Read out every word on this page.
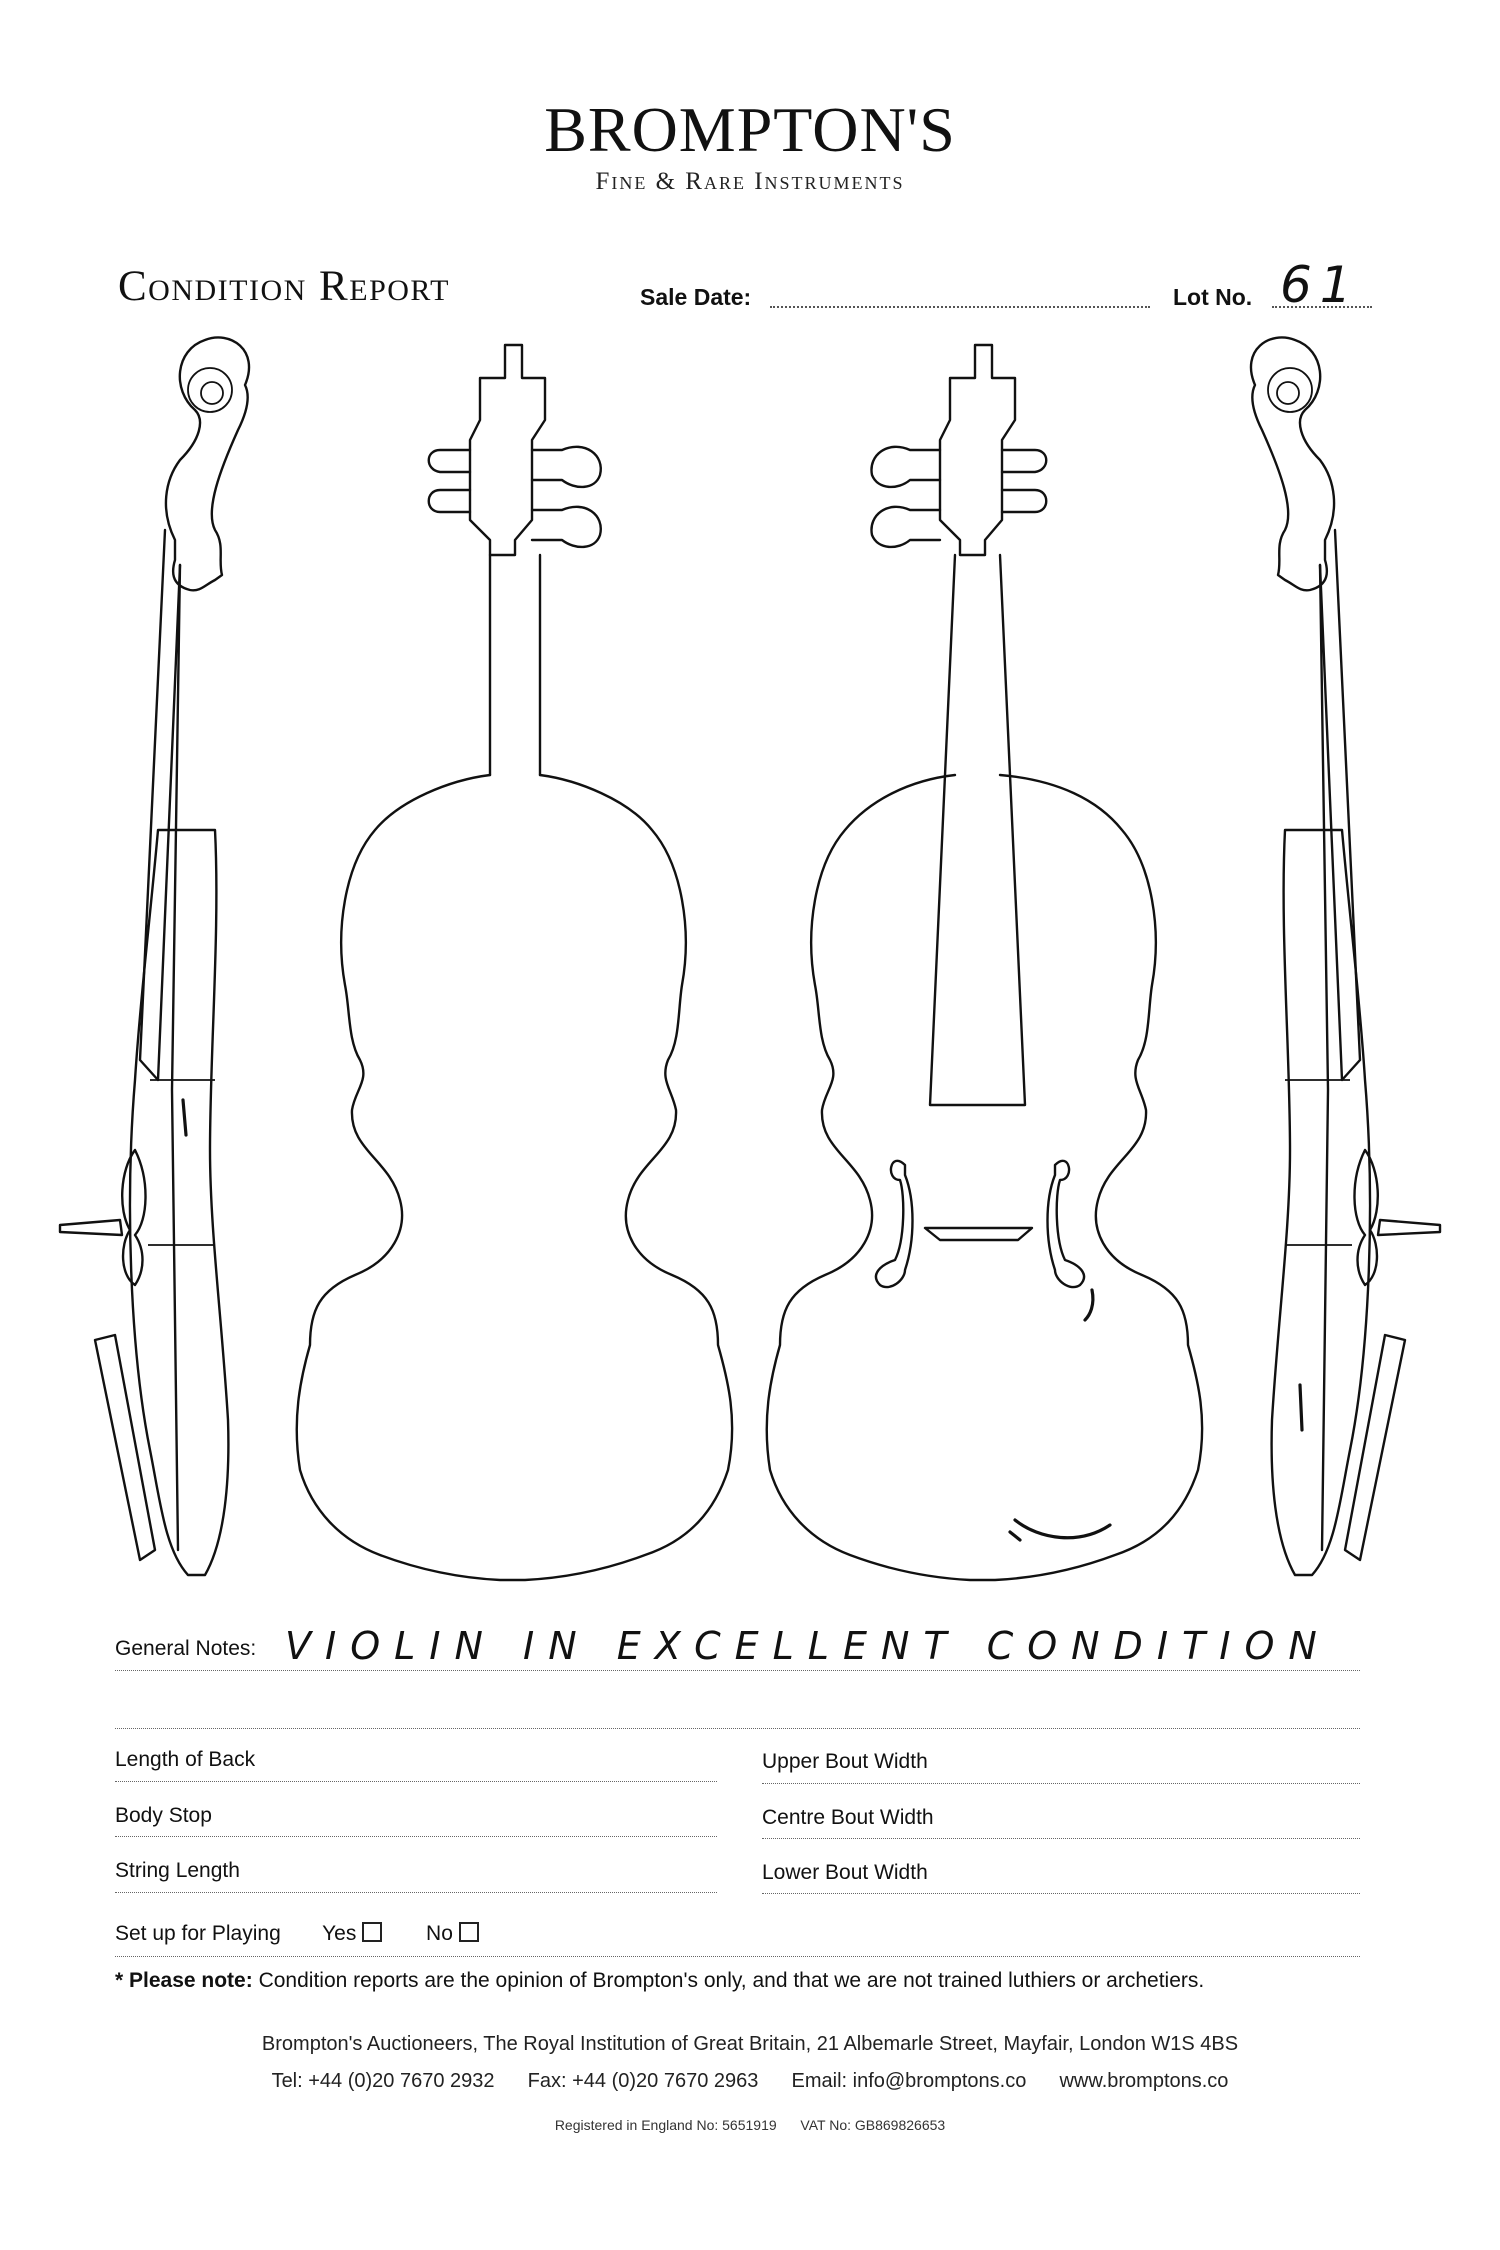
BROMPTON'S
Fine & Rare Instruments
Condition Report	Sale Date:	Lot No. 61
General Notes: VIOLIN IN EXCELLENT CONDITION
Length of Back	Upper Bout Width
Body Stop	Centre Bout Width
String Length	Lower Bout Width
Set up for Playing Yes	No
* Please note: Condition reports are the opinion of Brompton's only, and that we are not trained luthiers or archetiers.
Brompton's Auctioneers, The Royal Institution of Great Britain, 21 Albemarle Street, Mayfair, London W1S 4BS
Tel: +44 (0)20 7670 2932 Fax: +44 (0)20 7670 2963 Email: info@bromptons.co www.bromptons.co
Registered in England No: 5651919 VAT No: GB869826653
